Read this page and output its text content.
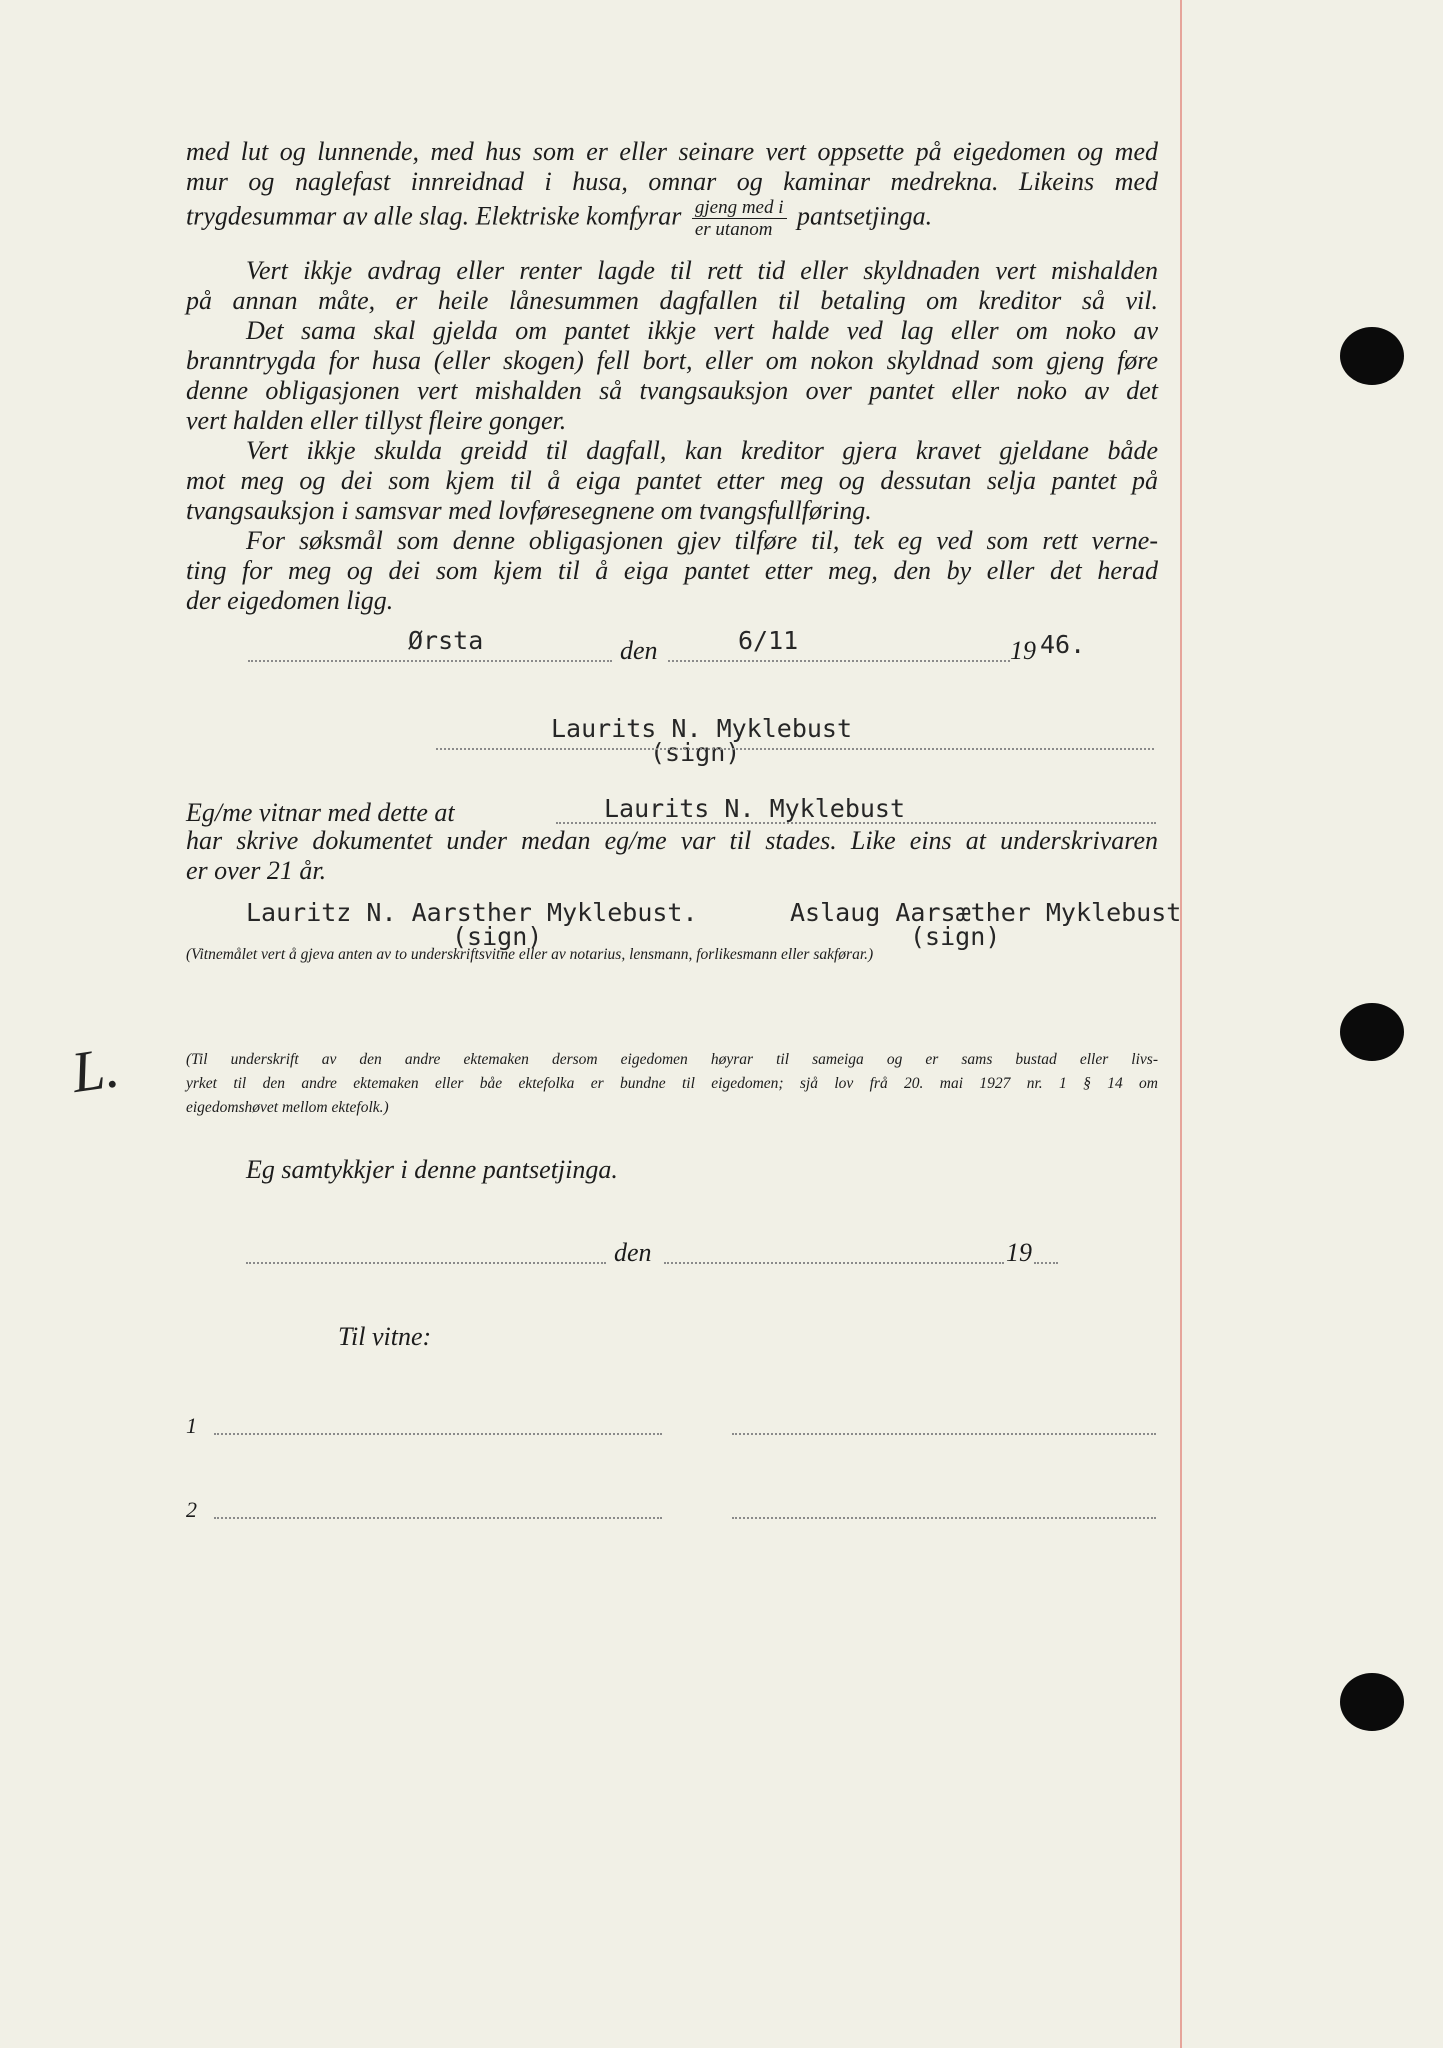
med lut og lunnende, med hus som er eller seinare vert oppsette på eigedomen og med
mur og naglefast innreidnad i husa, omnar og kaminar medrekna. Likeins med
trygdesummar av alle slag. Elektriske komfyrar $\frac{\text{gjeng med i}}{\text{er utanom}}$ pantsetjinga.
Vert ikkje avdrag eller renter lagde til rett tid eller skyldnaden vert mishalden
på annan måte, er heile lånesummen dagfallen til betaling om kreditor så vil.
Det sama skal gjelda om pantet ikkje vert halde ved lag eller om noko av
branntrygda for husa (eller skogen) fell bort, eller om nokon skyldnad som gjeng føre
denne obligasjonen vert mishalden så tvangsauksjon over pantet eller noko av det
vert halden eller tillyst fleire gonger.
Vert ikkje skulda greidd til dagfall, kan kreditor gjera kravet gjeldane både
mot meg og dei som kjem til å eiga pantet etter meg og dessutan selja pantet på
tvangsauksjon i samsvar med lovføresegnene om tvangsfullføring.
For søksmål som denne obligasjonen gjev tilføre til, tek eg ved som rett verne-
ting for meg og dei som kjem til å eiga pantet etter meg, den by eller det herad
der eigedomen ligg.
Ørsta	den	6/11	19 46.
Laurits N. Myklebust
(sign)
Eg/me vitnar med dette at	Laurits N. Myklebust
har skrive dokumentet under medan eg/me var til stades. Like eins at underskrivaren
er over 21 år.
Lauritz N. Aarsther Myklebust.
(sign)
Aslaug Aarsæther Myklebust
(sign)
(Vitnemålet vert å gjeva anten av to underskriftsvitne eller av notarius, lensmann, forlikesmann eller sakførar.)
L.	(Til underskrift av den andre ektemaken dersom eigedomen høyrar til sameiga og er sams bustad eller livs-
yrket til den andre ektemaken eller båe ektefolka er bundne til eigedomen; sjå lov frå 20. mai 1927 nr. 1 § 14 om
eigedomshøvet mellom ektefolk.)
Eg samtykkjer i denne pantsetjinga.
den	19
Til vitne:
1
2
